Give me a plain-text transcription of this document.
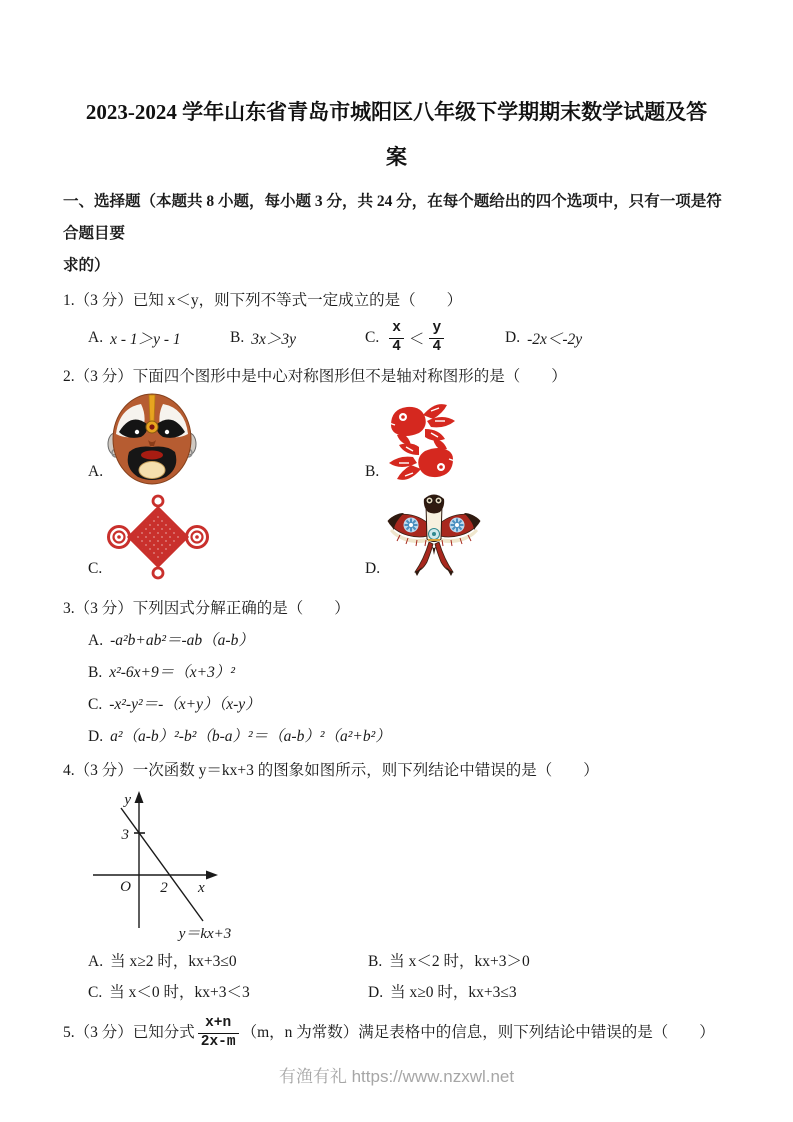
2023-2024 学年山东省青岛市城阳区八年级下学期期末数学试题及答
案
一、选择题（本题共 8 小题，每小题 3 分，共 24 分，在每个题给出的四个选项中，只有一项是符合题目要
求的）

1.（3 分）已知 x＜y，则下列不等式一定成立的是（　　）

A. x - 1＞y - 1	B. 3x＞3y	C. $\frac{x}{4} < \frac{y}{4}$	D. -2x＜-2y

2.（3 分）下面四个图形中是中心对称图形但不是轴对称图形的是（　　）

A.	B.
C.	D.

3.（3 分）下列因式分解正确的是（　　）

A. -a²b+ab²＝-ab（a-b）
B. x²-6x+9＝（x+3）²
C. -x²-y²＝-（x+y）（x-y）
D. a²（a-b）²-b²（b-a）²＝（a-b）²（a²+b²）

4.（3 分）一次函数 y＝kx+3 的图象如图所示，则下列结论中错误的是（　　）

y
x
O
3
2
y＝kx+3
A. 当 x≥2 时，kx+3≤0	B. 当 x＜2 时，kx+3＞0
C. 当 x＜0 时，kx+3＜3	D. 当 x≥0 时，kx+3≤3
5.（3 分）已知分式 $\frac{x+n}{2x-m} (m$，n 为常数）满足表格中的信息，则下列结论中错误的是（　　）
有渔有礼 https://www.nzxwl.net
